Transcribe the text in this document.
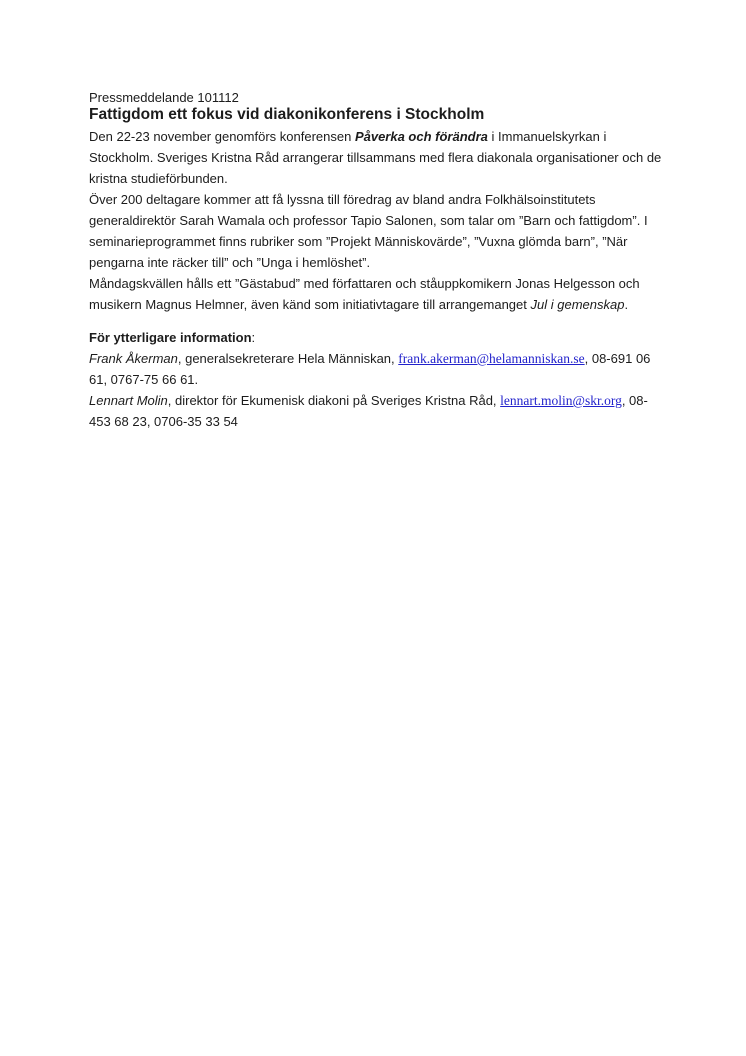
Pressmeddelande 101112

Fattigdom ett fokus vid diakonikonferens i Stockholm

Den 22-23 november genomförs konferensen Påverka och förändra i Immanuelskyrkan i Stockholm. Sveriges Kristna Råd arrangerar tillsammans med flera diakonala organisationer och de kristna studieförbunden.

Över 200 deltagare kommer att få lyssna till föredrag av bland andra Folkhälsoinstitutets generaldirektör Sarah Wamala och professor Tapio Salonen, som talar om ”Barn och fattigdom”. I seminarieprogrammet finns rubriker som ”Projekt Människovärde”, ”Vuxna glömda barn”, ”När pengarna inte räcker till” och ”Unga i hemlöshet”.

Måndagskvällen hålls ett ”Gästabud” med författaren och ståuppkomikern Jonas Helgesson och musikern Magnus Helmner, även känd som initiativtagare till arrangemanget Jul i gemenskap.

För ytterligare information:

Frank Åkerman, generalsekreterare Hela Människan, frank.akerman@helamanniskan.se, 08-691 06 61, 0767-75 66 61.

Lennart Molin, direktor för Ekumenisk diakoni på Sveriges Kristna Råd, lennart.molin@skr.org, 08-453 68 23, 0706-35 33 54
